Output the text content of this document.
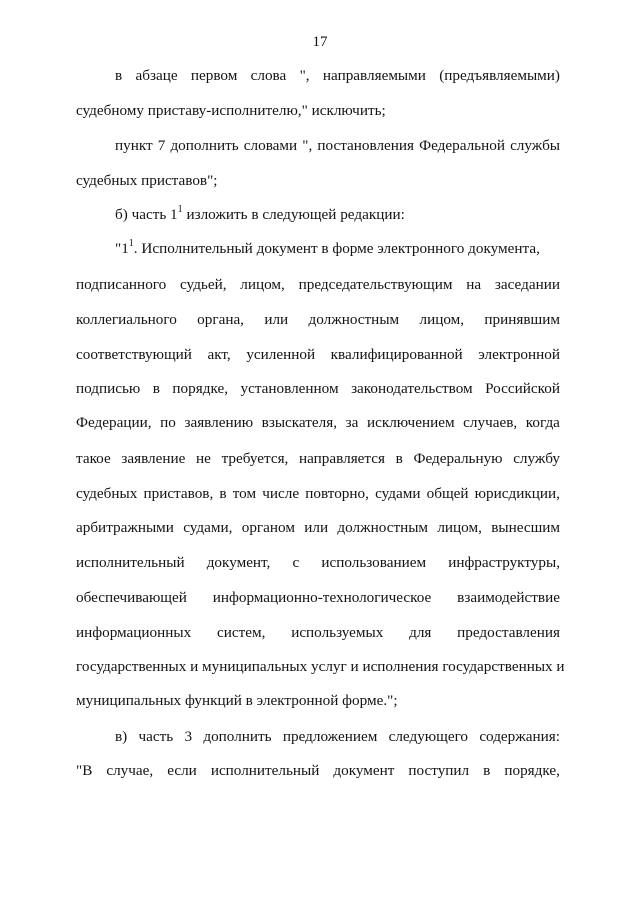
17
в абзаце первом слова ", направляемыми (предъявляемыми)
судебному приставу-исполнителю," исключить;
пункт 7 дополнить словами ", постановления Федеральной службы
судебных приставов";
б) часть $1^1$ изложить в следующей редакции:
"$1^1$. Исполнительный документ в форме электронного документа,
подписанного судьей, лицом, председательствующим на заседании
коллегиального органа, или должностным лицом, принявшим
соответствующий акт, усиленной квалифицированной электронной
подписью в порядке, установленном законодательством Российской
Федерации, по заявлению взыскателя, за исключением случаев, когда
такое заявление не требуется, направляется в Федеральную службу
судебных приставов, в том числе повторно, судами общей юрисдикции,
арбитражными судами, органом или должностным лицом, вынесшим
исполнительный документ, с использованием инфраструктуры,
обеспечивающей информационно-технологическое взаимодействие
информационных систем, используемых для предоставления
государственных и муниципальных услуг и исполнения государственных и
муниципальных функций в электронной форме.";
в) часть 3 дополнить предложением следующего содержания:
"В случае, если исполнительный документ поступил в порядке,
